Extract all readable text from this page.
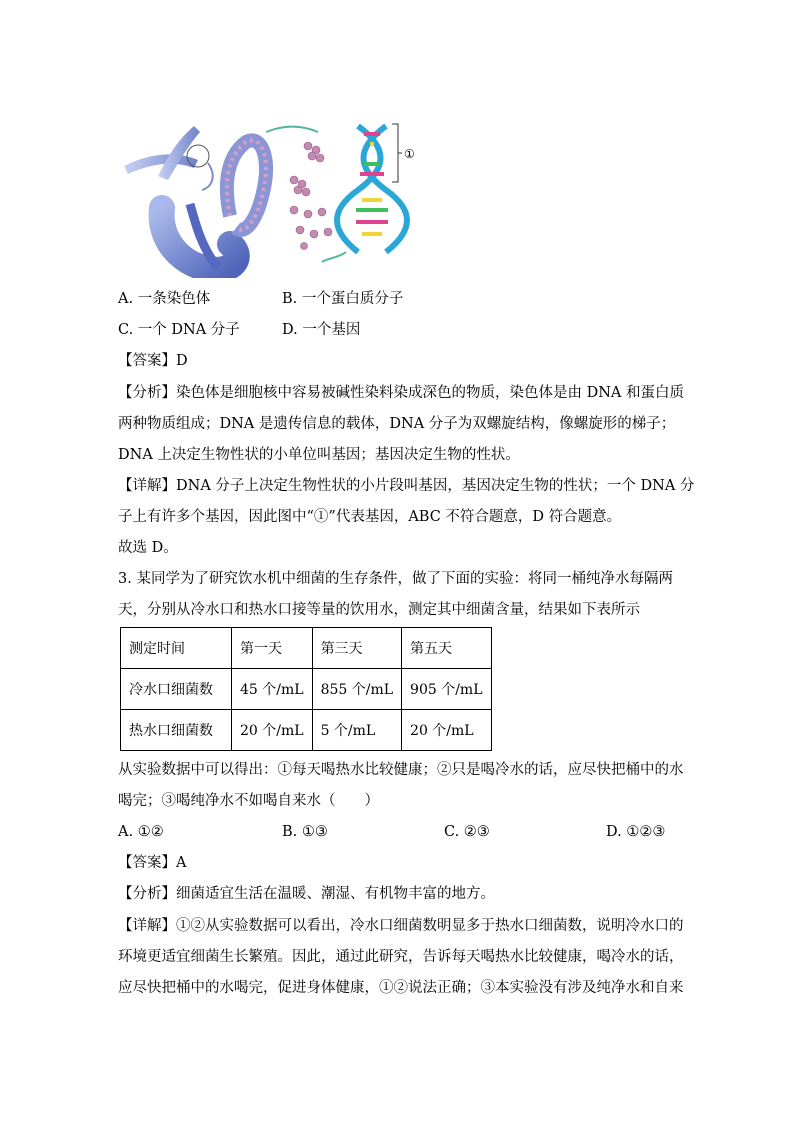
①
A. 一条染色体	B. 一个蛋白质分子
C. 一个 DNA 分子	D. 一个基因
【答案】D
【分析】染色体是细胞核中容易被碱性染料染成深色的物质，染色体是由 DNA 和蛋白质
两种物质组成；DNA 是遗传信息的载体，DNA 分子为双螺旋结构，像螺旋形的梯子；
DNA 上决定生物性状的小单位叫基因；基因决定生物的性状。
【详解】DNA 分子上决定生物性状的小片段叫基因，基因决定生物的性状；一个 DNA 分
子上有许多个基因，因此图中“①”代表基因，ABC 不符合题意，D 符合题意。
故选 D。
3. 某同学为了研究饮水机中细菌的生存条件，做了下面的实验：将同一桶纯净水每隔两
天，分别从冷水口和热水口接等量的饮用水，测定其中细菌含量，结果如下表所示
测定时间	第一天	第三天	第五天
冷水口细菌数	45 个/mL	855 个/mL	905 个/mL
热水口细菌数	20 个/mL	5 个/mL	20 个/mL
从实验数据中可以得出：①每天喝热水比较健康；②只是喝冷水的话，应尽快把桶中的水
喝完；③喝纯净水不如喝自来水（　　）
A. ①②	B. ①③	C. ②③	D. ①②③
【答案】A
【分析】细菌适宜生活在温暖、潮湿、有机物丰富的地方。
【详解】①②从实验数据可以看出，冷水口细菌数明显多于热水口细菌数，说明冷水口的
环境更适宜细菌生长繁殖。因此，通过此研究，告诉每天喝热水比较健康，喝冷水的话，
应尽快把桶中的水喝完，促进身体健康，①②说法正确；③本实验没有涉及纯净水和自来
